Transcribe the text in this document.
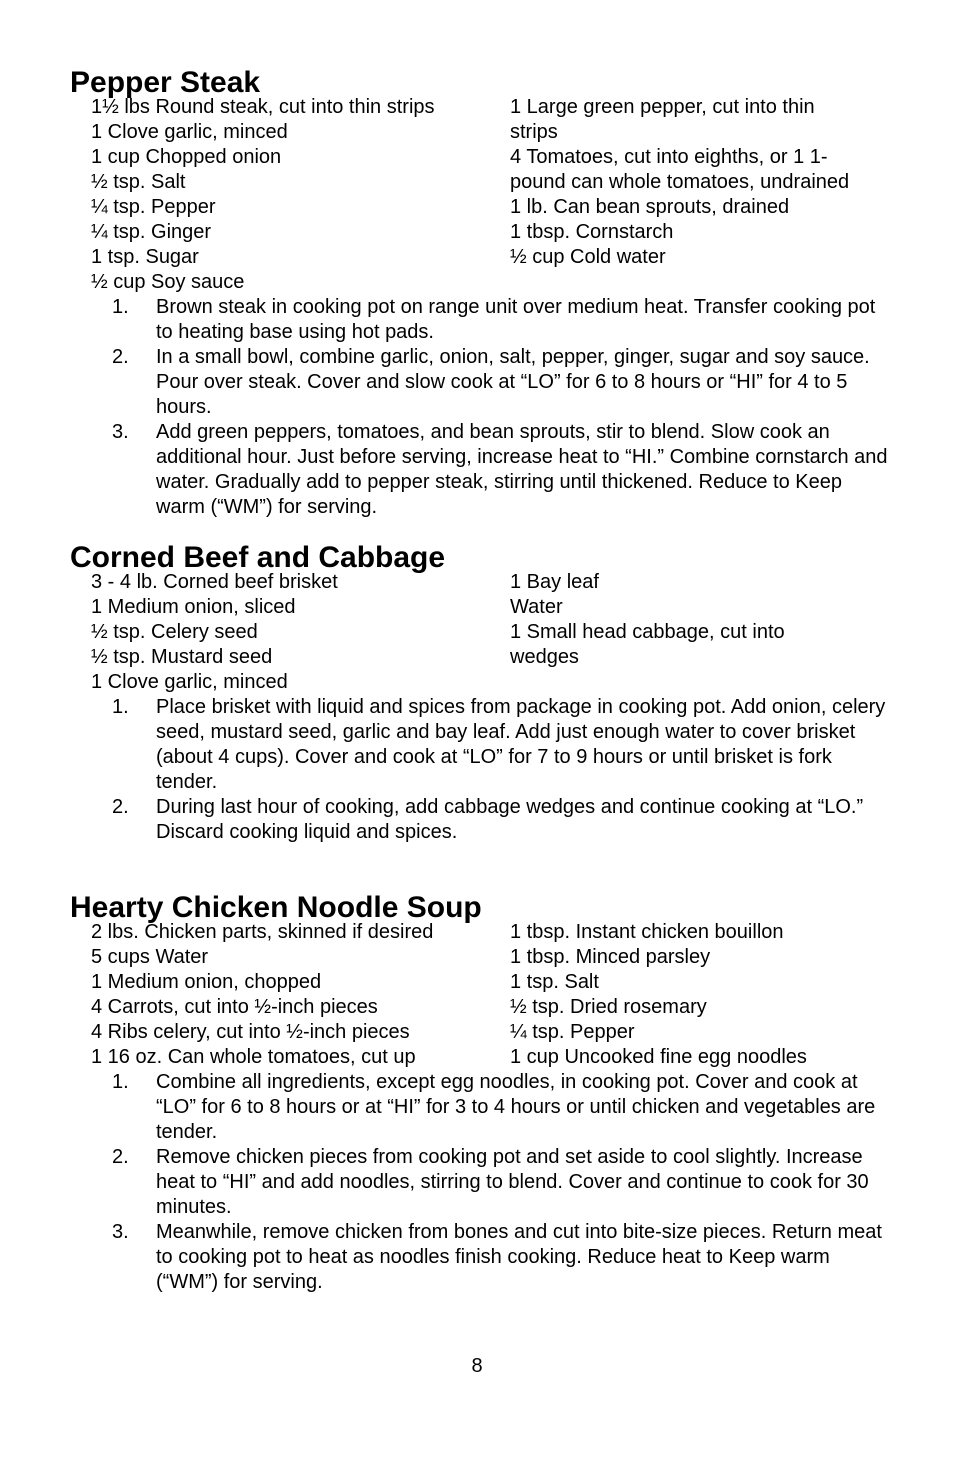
Pepper Steak
1½ lbs Round steak, cut into thin strips
1 Clove garlic, minced
1 cup Chopped onion
½ tsp. Salt
¼ tsp. Pepper
¼ tsp. Ginger
1 tsp. Sugar
½ cup Soy sauce
1 Large green pepper, cut into thin
strips
4 Tomatoes, cut into eighths, or 1 1-
pound can whole tomatoes, undrained
1 lb. Can bean sprouts, drained
1 tbsp. Cornstarch
½ cup Cold water
1.	Brown steak in cooking pot on range unit over medium heat. Transfer cooking pot to heating base using hot pads.
2.	In a small bowl, combine garlic, onion, salt, pepper, ginger, sugar and soy sauce. Pour over steak. Cover and slow cook at “LO” for 6 to 8 hours or “HI” for 4 to 5 hours.
3.	Add green peppers, tomatoes, and bean sprouts, stir to blend. Slow cook an additional hour. Just before serving, increase heat to “HI.” Combine cornstarch and water. Gradually add to pepper steak, stirring until thickened. Reduce to Keep warm (“WM”) for serving.
Corned Beef and Cabbage
3 - 4 lb. Corned beef brisket
1 Medium onion, sliced
½ tsp. Celery seed
½ tsp. Mustard seed
1 Clove garlic, minced
1 Bay leaf
Water
1 Small head cabbage, cut into
wedges
1.	Place brisket with liquid and spices from package in cooking pot. Add onion, celery seed, mustard seed, garlic and bay leaf. Add just enough water to cover brisket (about 4 cups). Cover and cook at “LO” for 7 to 9 hours or until brisket is fork tender.
2.	During last hour of cooking, add cabbage wedges and continue cooking at “LO.” Discard cooking liquid and spices.
Hearty Chicken Noodle Soup
2 lbs. Chicken parts, skinned if desired
5 cups Water
1 Medium onion, chopped
4 Carrots, cut into ½-inch pieces
4 Ribs celery, cut into ½-inch pieces
1 16 oz. Can whole tomatoes, cut up
1 tbsp. Instant chicken bouillon
1 tbsp. Minced parsley
1 tsp. Salt
½ tsp. Dried rosemary
¼ tsp. Pepper
1 cup Uncooked fine egg noodles
1.	Combine all ingredients, except egg noodles, in cooking pot. Cover and cook at “LO” for 6 to 8 hours or at “HI” for 3 to 4 hours or until chicken and vegetables are tender.
2.	Remove chicken pieces from cooking pot and set aside to cool slightly. Increase heat to “HI” and add noodles, stirring to blend. Cover and continue to cook for 30 minutes.
3.	Meanwhile, remove chicken from bones and cut into bite-size pieces. Return meat to cooking pot to heat as noodles finish cooking. Reduce heat to Keep warm (“WM”) for serving.
8
